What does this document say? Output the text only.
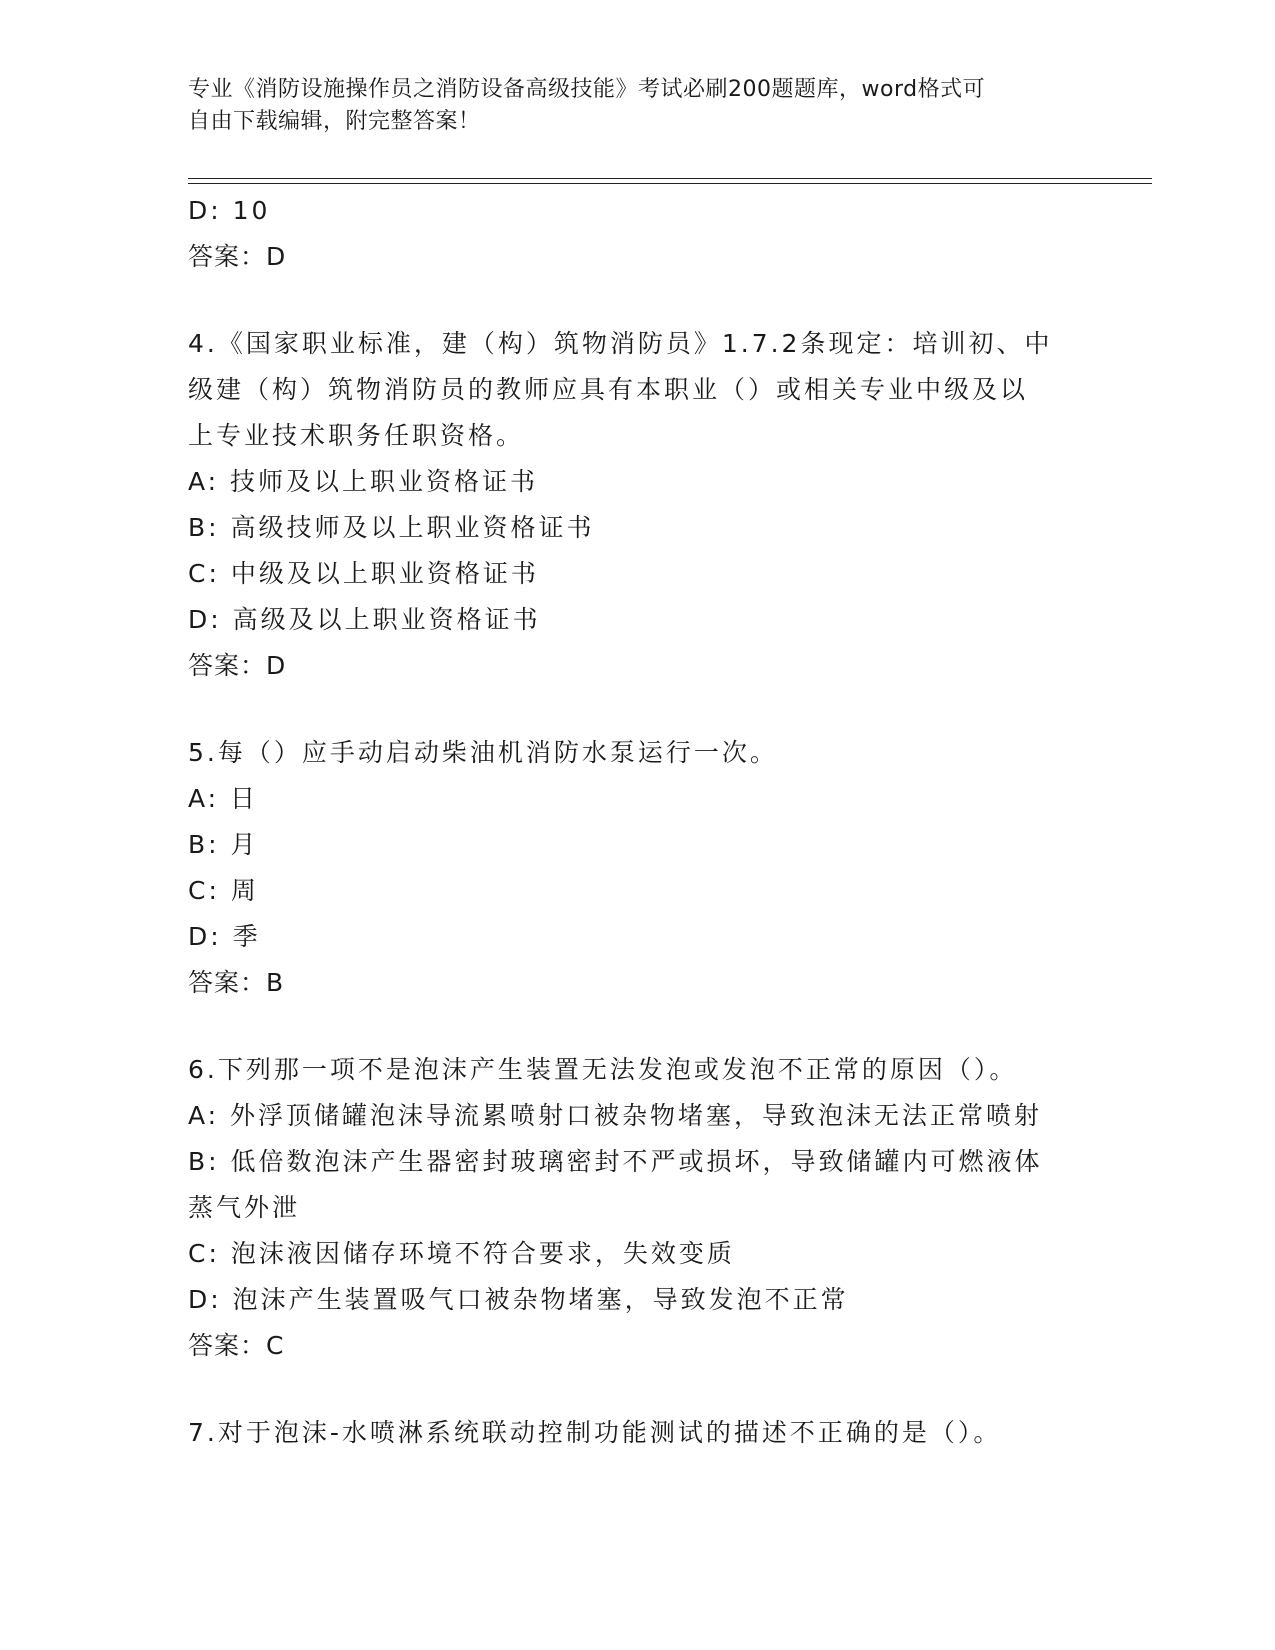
专业《消防设施操作员之消防设备高级技能》考试必刷200题题库，word格式可
自由下载编辑，附完整答案！
D: 10
答案：D
4.《国家职业标准，建（构）筑物消防员》1.7.2条现定：培训初、中
级建（构）筑物消防员的教师应具有本职业（）或相关专业中级及以
上专业技术职务任职资格。
A: 技师及以上职业资格证书
B: 高级技师及以上职业资格证书
C: 中级及以上职业资格证书
D: 高级及以上职业资格证书
答案：D
5.每（）应手动启动柴油机消防水泵运行一次。
A: 日
B: 月
C: 周
D: 季
答案：B
6.下列那一项不是泡沫产生装置无法发泡或发泡不正常的原因（）。
A: 外浮顶储罐泡沫导流累喷射口被杂物堵塞，导致泡沫无法正常喷射
B: 低倍数泡沫产生器密封玻璃密封不严或损坏，导致储罐内可燃液体
蒸气外泄
C: 泡沫液因储存环境不符合要求，失效变质
D: 泡沫产生装置吸气口被杂物堵塞，导致发泡不正常
答案：C
7.对于泡沫-水喷淋系统联动控制功能测试的描述不正确的是（）。
